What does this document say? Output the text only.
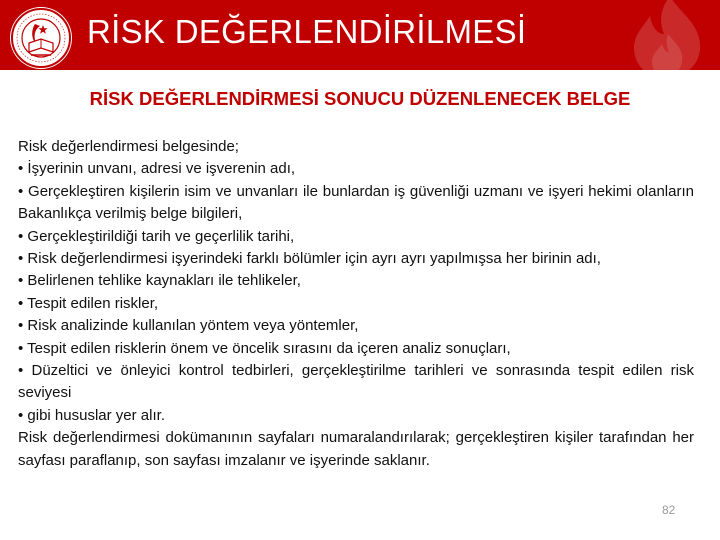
RİSK DEĞERLENDİRİLMESİ
RİSK DEĞERLENDİRMESİ SONUCU DÜZENLENECEK BELGE

Risk değerlendirmesi belgesinde;

• İşyerinin unvanı, adresi ve işverenin adı,

• Gerçekleştiren kişilerin isim ve unvanları ile bunlardan iş güvenliği uzmanı ve işyeri hekimi olanların Bakanlıkça verilmiş belge bilgileri,

• Gerçekleştirildiği tarih ve geçerlilik tarihi,

• Risk değerlendirmesi işyerindeki farklı bölümler için ayrı ayrı yapılmışsa her birinin adı,

• Belirlenen tehlike kaynakları ile tehlikeler,

• Tespit edilen riskler,

• Risk analizinde kullanılan yöntem veya yöntemler,

• Tespit edilen risklerin önem ve öncelik sırasını da içeren analiz sonuçları,

• Düzeltici ve önleyici kontrol tedbirleri, gerçekleştirilme tarihleri ve sonrasında tespit edilen risk seviyesi

• gibi hususlar yer alır.

Risk değerlendirmesi dokümanının sayfaları numaralandırılarak; gerçekleştiren kişiler tarafından her sayfası paraflanıp, son sayfası imzalanır ve işyerinde saklanır.

82
